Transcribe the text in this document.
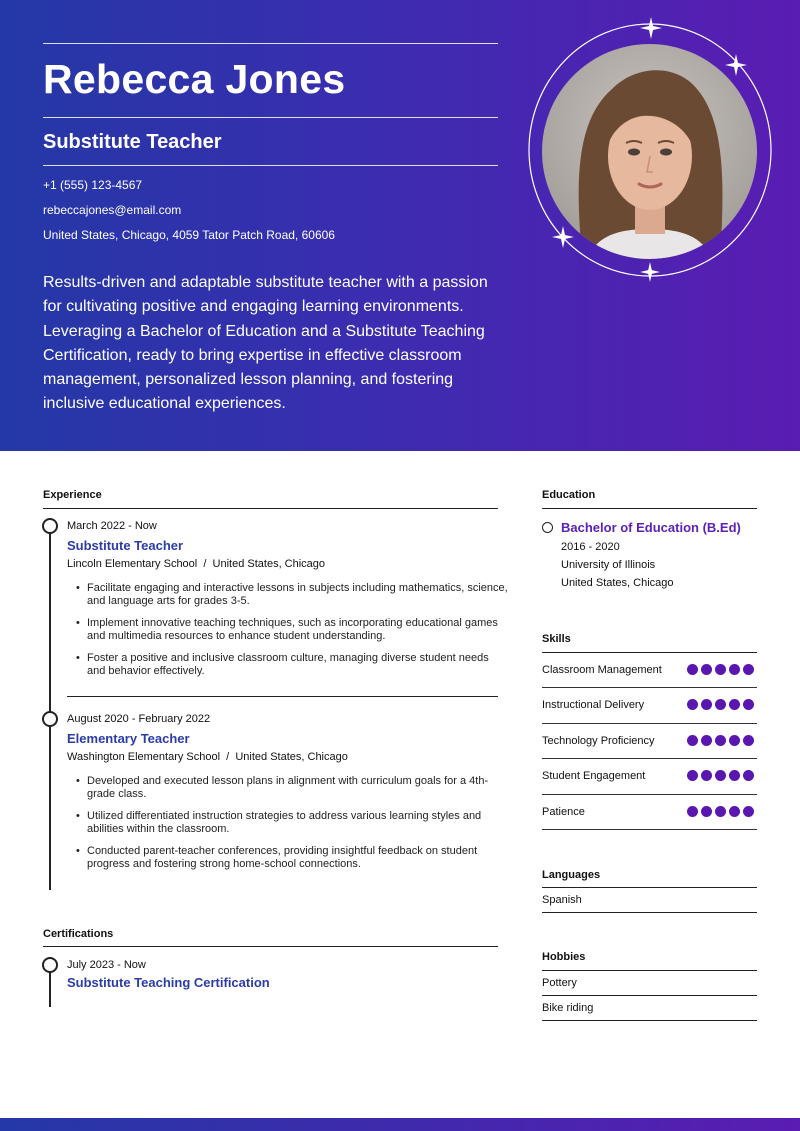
Rebecca Jones
Substitute Teacher
+1 (555) 123-4567
rebeccajones@email.com
United States, Chicago, 4059 Tator Patch Road, 60606
Results-driven and adaptable substitute teacher with a passion for cultivating positive and engaging learning environments. Leveraging a Bachelor of Education and a Substitute Teaching Certification, ready to bring expertise in effective classroom management, personalized lesson planning, and fostering inclusive educational experiences.
Experience
March 2022 - Now
Substitute Teacher
Lincoln Elementary School  /  United States, Chicago
• Facilitate engaging and interactive lessons in subjects including mathematics, science, and language arts for grades 3-5.
• Implement innovative teaching techniques, such as incorporating educational games and multimedia resources to enhance student understanding.
• Foster a positive and inclusive classroom culture, managing diverse student needs and behavior effectively.
August 2020 - February 2022
Elementary Teacher
Washington Elementary School  /  United States, Chicago
• Developed and executed lesson plans in alignment with curriculum goals for a 4th-grade class.
• Utilized differentiated instruction strategies to address various learning styles and abilities within the classroom.
• Conducted parent-teacher conferences, providing insightful feedback on student progress and fostering strong home-school connections.
Certifications
July 2023 - Now
Substitute Teaching Certification
Education
Bachelor of Education (B.Ed)
2016 - 2020
University of Illinois
United States, Chicago
Skills
Classroom Management
Instructional Delivery
Technology Proficiency
Student Engagement
Patience
Languages
Spanish
Hobbies
Pottery
Bike riding
